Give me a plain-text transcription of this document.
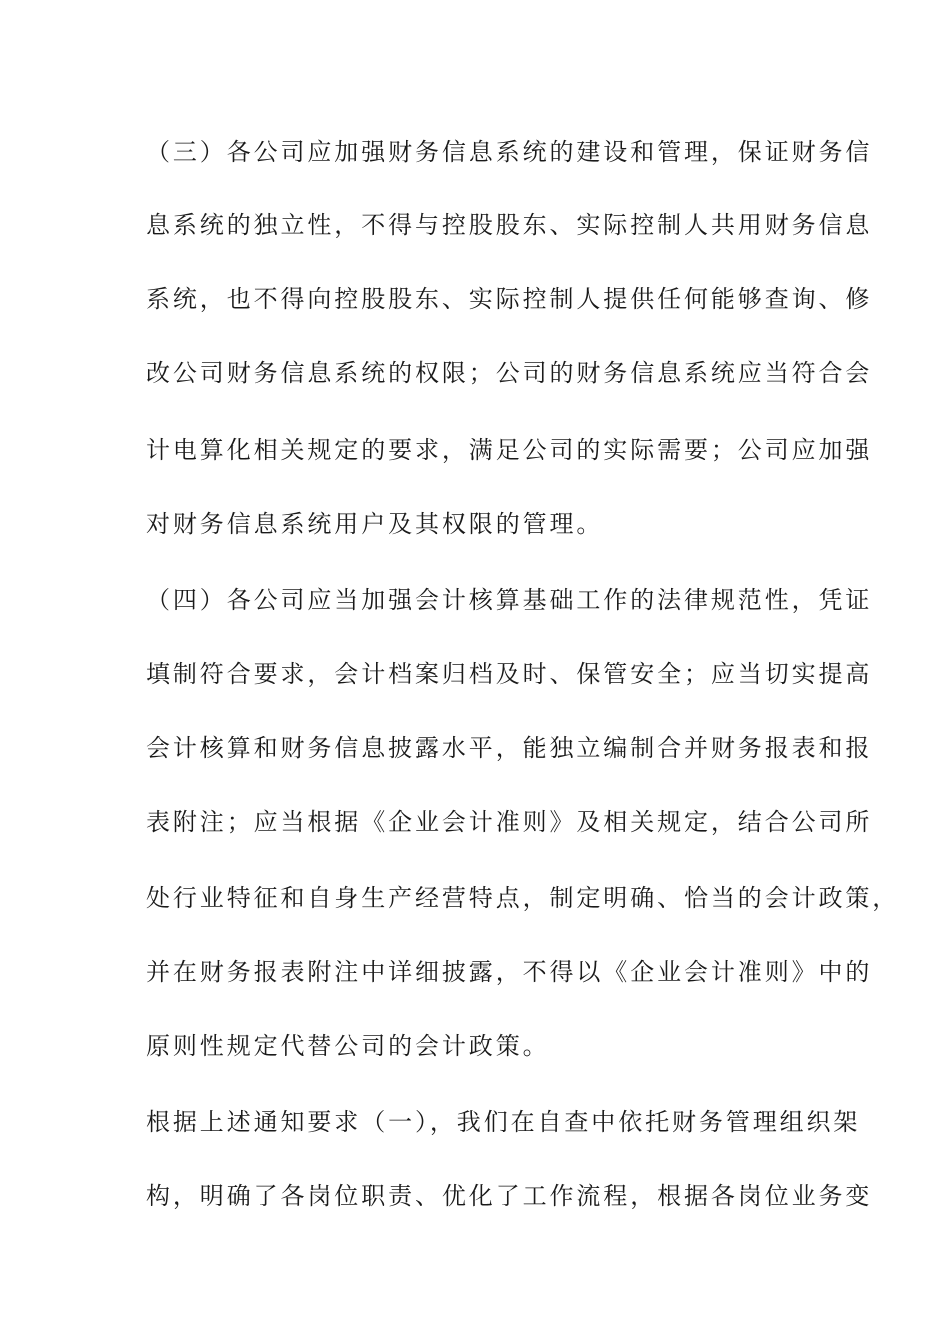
（三）各公司应加强财务信息系统的建设和管理，保证财务信
息系统的独立性，不得与控股股东、实际控制人共用财务信息
系统，也不得向控股股东、实际控制人提供任何能够查询、修
改公司财务信息系统的权限；公司的财务信息系统应当符合会
计电算化相关规定的要求，满足公司的实际需要；公司应加强
对财务信息系统用户及其权限的管理。
（四）各公司应当加强会计核算基础工作的法律规范性，凭证
填制符合要求，会计档案归档及时、保管安全；应当切实提高
会计核算和财务信息披露水平，能独立编制合并财务报表和报
表附注；应当根据《企业会计准则》及相关规定，结合公司所
处行业特征和自身生产经营特点，制定明确、恰当的会计政策，
并在财务报表附注中详细披露，不得以《企业会计准则》中的
原则性规定代替公司的会计政策。
根据上述通知要求（一），我们在自查中依托财务管理组织架
构，明确了各岗位职责、优化了工作流程，根据各岗位业务变
